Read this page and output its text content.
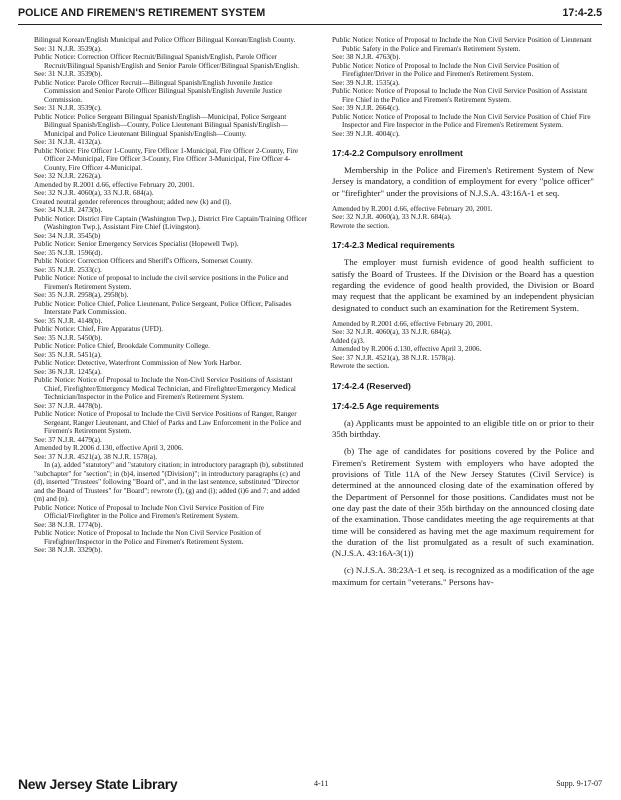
POLICE AND FIREMEN'S RETIREMENT SYSTEM	17:4-2.5

Bilingual Korean/English Municipal and Police Officer Bilingual Korean/English County.

See: 31 N.J.R. 3539(a).

Public Notice: Correction Officer Recruit/Bilingual Spanish/English, Parole Officer Recruit/Bilingual Spanish/English and Senior Parole Officer/Bilingual Spanish/English.

See: 31 N.J.R. 3539(b).

Public Notice: Parole Officer Recruit—Bilingual Spanish/English Juvenile Justice Commission and Senior Parole Officer Bilingual Spanish/English Juvenile Justice Commission.

See: 31 N.J.R. 3539(c).

Public Notice: Police Sergeant Bilingual Spanish/English—Municipal, Police Sergeant Bilingual Spanish/English—County, Police Lieutenant Bilingual Spanish/English—Municipal and Police Lieutenant Bilingual Spanish/English—County.

See: 31 N.J.R. 4132(a).

Public Notice: Fire Officer 1-County, Fire Officer 1-Municipal, Fire Officer 2-County, Fire Officer 2-Municipal, Fire Officer 3-County, Fire Officer 3-Municipal, Fire Officer 4-County, Fire Officer 4-Municipal.

See: 32 N.J.R. 2262(a).

Amended by R.2001 d.66, effective February 20, 2001.

See: 32 N.J.R. 4060(a), 33 N.J.R. 684(a).

Created neutral gender references throughout; added new (k) and (l).

See: 34 N.J.R. 2473(b).

Public Notice: District Fire Captain (Washington Twp.), District Fire Captain/Training Officer (Washington Twp.), Assistant Fire Chief (Livingston).

See: 34 N.J.R. 3545(b)

Public Notice: Senior Emergency Services Specialist (Hopewell Twp).

See: 35 N.J.R. 1596(d).

Public Notice: Correction Officers and Sheriff's Officers, Somerset County.

See: 35 N.J.R. 2533(c).

Public Notice: Notice of proposal to include the civil service positions in the Police and Firemen's Retirement System.

See: 35 N.J.R. 2958(a), 2958(b).

Public Notice: Police Chief, Police Lieutenant, Police Sergeant, Police Officer, Palisades Interstate Park Commission.

See: 35 N.J.R. 4148(b).

Public Notice: Chief, Fire Apparatus (UFD).

See: 35 N.J.R. 5450(b).

Public Notice: Police Chief, Brookdale Community College.

See: 35 N.J.R. 5451(a).

Public Notice: Detective, Waterfront Commission of New York Harbor.

See: 36 N.J.R. 1245(a).

Public Notice: Notice of Proposal to Include the Non-Civil Service Positions of Assistant Chief, Firefighter/Emergency Medical Technician, and Firefighter/Emergency Medical Technician/Inspector in the Police and Firemen's Retirement System.

See: 37 N.J.R. 4478(b).

Public Notice: Notice of Proposal to Include the Civil Service Positions of Ranger, Ranger Sergeant, Ranger Lieutenant, and Chief of Parks and Law Enforcement in the Police and Firemen's Retirement System.

See: 37 N.J.R. 4479(a).

Amended by R.2006 d.130, effective April 3, 2006.

See: 37 N.J.R. 4521(a), 38 N.J.R. 1578(a).

In (a), added "statutory" and "statutory citation; in introductory paragraph (b), substituted "subchapter" for "section"; in (b)4, inserted "(Division)"; in introductory paragraphs (c) and (d), inserted "Trustees" following "Board of", and in the last sentence, substituted "Director and the Board of Trustees" for "Board"; rewrote (f), (g) and (i); added (i)6 and 7; and added (m) and (n).

Public Notice: Notice of Proposal to Include Non Civil Service Position of Fire Official/Firefighter in the Police and Firemen's Retirement System.

See: 38 N.J.R. 1774(b).

Public Notice: Notice of Proposal to Include the Non Civil Service Position of Firefighter/Inspector in the Police and Firemen's Retirement System.

See: 38 N.J.R. 3329(b).

Public Notice: Notice of Proposal to Include the Non Civil Service Position of Lieutenant Public Safety in the Police and Fireman's Retirement System.

See: 38 N.J.R. 4763(b).

Public Notice: Notice of Proposal to Include the Non Civil Service Position of Firefighter/Driver in the Police and Firemen's Retirement System.

See: 39 N.J.R. 1535(a).

Public Notice: Notice of Proposal to Include the Non Civil Service Position of Assistant Fire Chief in the Police and Firemen's Retirement System.

See: 39 N.J.R. 2664(c).

Public Notice: Notice of Proposal to Include the Non Civil Service Position of Chief Fire Inspector and Fire Inspector in the Police and Firemen's Retirement System.

See: 39 N.J.R. 4004(c).

17:4-2.2 Compulsory enrollment

Membership in the Police and Firemen's Retirement System of New Jersey is mandatory, a condition of employment for every "police officer" or "firefighter" under the provisions of N.J.S.A. 43:16A-1 et seq.

Amended by R.2001 d.66, effective February 20, 2001.

See: 32 N.J.R. 4060(a), 33 N.J.R. 684(a).

Rewrote the section.

17:4-2.3 Medical requirements

The employer must furnish evidence of good health sufficient to satisfy the Board of Trustees. If the Division or the Board has a question regarding the evidence of good health provided, the Division or Board may request that the applicant be examined by an independent physician designated to conduct such an examination for the Retirement System.

Amended by R.2001 d.66, effective February 20, 2001.

See: 32 N.J.R. 4060(a), 33 N.J.R. 684(a).

Added (a)3.

Amended by R.2006 d.130, effective April 3, 2006.

See: 37 N.J.R. 4521(a), 38 N.J.R. 1578(a).

Rewrote the section.

17:4-2.4 (Reserved)
17:4-2.5 Age requirements

(a) Applicants must be appointed to an eligible title on or prior to their 35th birthday.

(b) The age of candidates for positions covered by the Police and Firemen's Retirement System with employers who have adopted the provisions of Title 11A of the New Jersey Statutes (Civil Service) is determined at the announced closing date of the examination offered by the Department of Personnel for those positions. Candidates must not be one day past the date of their 35th birthday on the announced closing date of the examination. Those candidates meeting the age requirements at that time will be considered as having met the age maximum requirement for the duration of the list promulgated as a result of such examination. (N.J.S.A. 43:16A-3(1))

(c) N.J.S.A. 38:23A-1 et seq. is recognized as a modification of the age maximum for certain "veterans." Persons hav-

New Jersey State Library	4-11	Supp. 9-17-07
